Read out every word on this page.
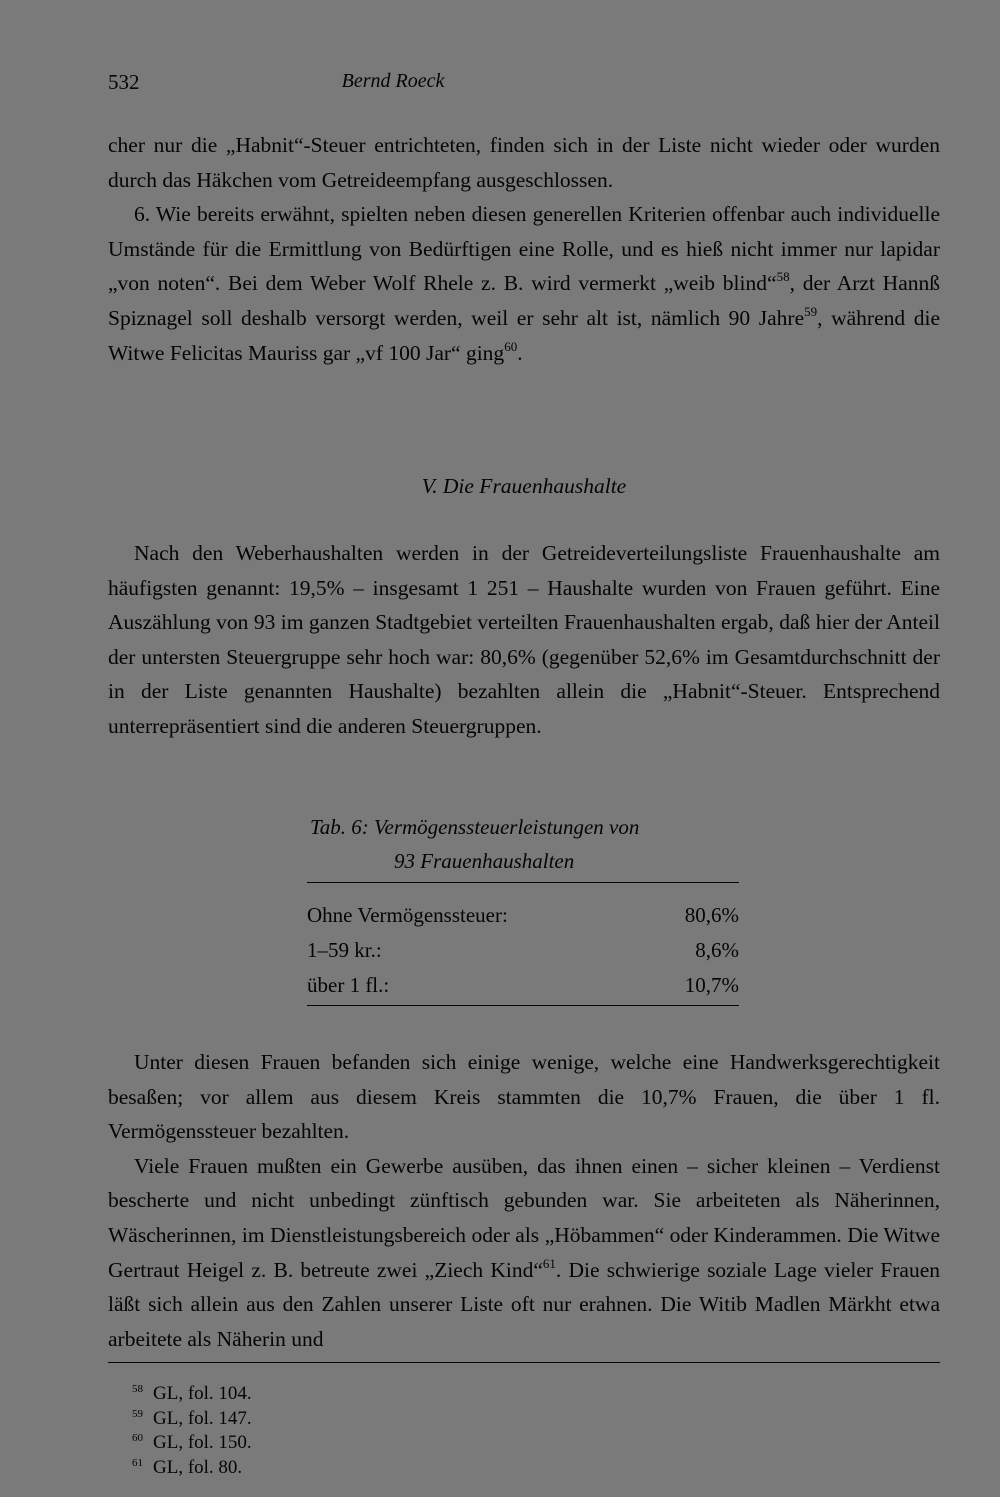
532	Bernd Roeck

cher nur die „Habnit“-Steuer entrichteten, finden sich in der Liste nicht wieder oder wurden durch das Häkchen vom Getreideempfang ausgeschlossen.

6. Wie bereits erwähnt, spielten neben diesen generellen Kriterien offenbar auch individuelle Umstände für die Ermittlung von Bedürftigen eine Rolle, und es hieß nicht immer nur lapidar „von noten“. Bei dem Weber Wolf Rhele z. B. wird vermerkt „weib blind“$^{58}$, der Arzt Hannß Spiznagel soll deshalb versorgt werden, weil er sehr alt ist, nämlich 90 Jahre$^{59}$, während die Witwe Felicitas Mauriss gar „vf 100 Jar“ ging$^{60}$.

V. Die Frauenhaushalte

Nach den Weberhaushalten werden in der Getreideverteilungsliste Frauenhaushalte am häufigsten genannt: 19,5% – insgesamt 1 251 – Haushalte wurden von Frauen geführt. Eine Auszählung von 93 im ganzen Stadtgebiet verteilten Frauenhaushalten ergab, daß hier der Anteil der untersten Steuergruppe sehr hoch war: 80,6% (gegenüber 52,6% im Gesamtdurchschnitt der in der Liste genannten Haushalte) bezahlten allein die „Habnit“-Steuer. Entsprechend unterrepräsentiert sind die anderen Steuergruppen.

Tab. 6: Vermögenssteuerleistungen von
93 Frauenhaushalten
Ohne Vermögenssteuer:	80,6%
1–59 kr.:	8,6%
über 1 fl.:	10,7%

Unter diesen Frauen befanden sich einige wenige, welche eine Handwerksgerechtigkeit besaßen; vor allem aus diesem Kreis stammten die 10,7% Frauen, die über 1 fl. Vermögenssteuer bezahlten.

Viele Frauen mußten ein Gewerbe ausüben, das ihnen einen – sicher kleinen – Verdienst bescherte und nicht unbedingt zünftisch gebunden war. Sie arbeiteten als Näherinnen, Wäscherinnen, im Dienstleistungsbereich oder als „Höbammen“ oder Kinderammen. Die Witwe Gertraut Heigel z. B. betreute zwei „Ziech Kind“$^{61}$. Die schwierige soziale Lage vieler Frauen läßt sich allein aus den Zahlen unserer Liste oft nur erahnen. Die Witib Madlen Märkht etwa arbeitete als Näherin und

$^{58}$ GL, fol. 104.
$^{59}$ GL, fol. 147.
$^{60}$ GL, fol. 150.
$^{61}$ GL, fol. 80.
